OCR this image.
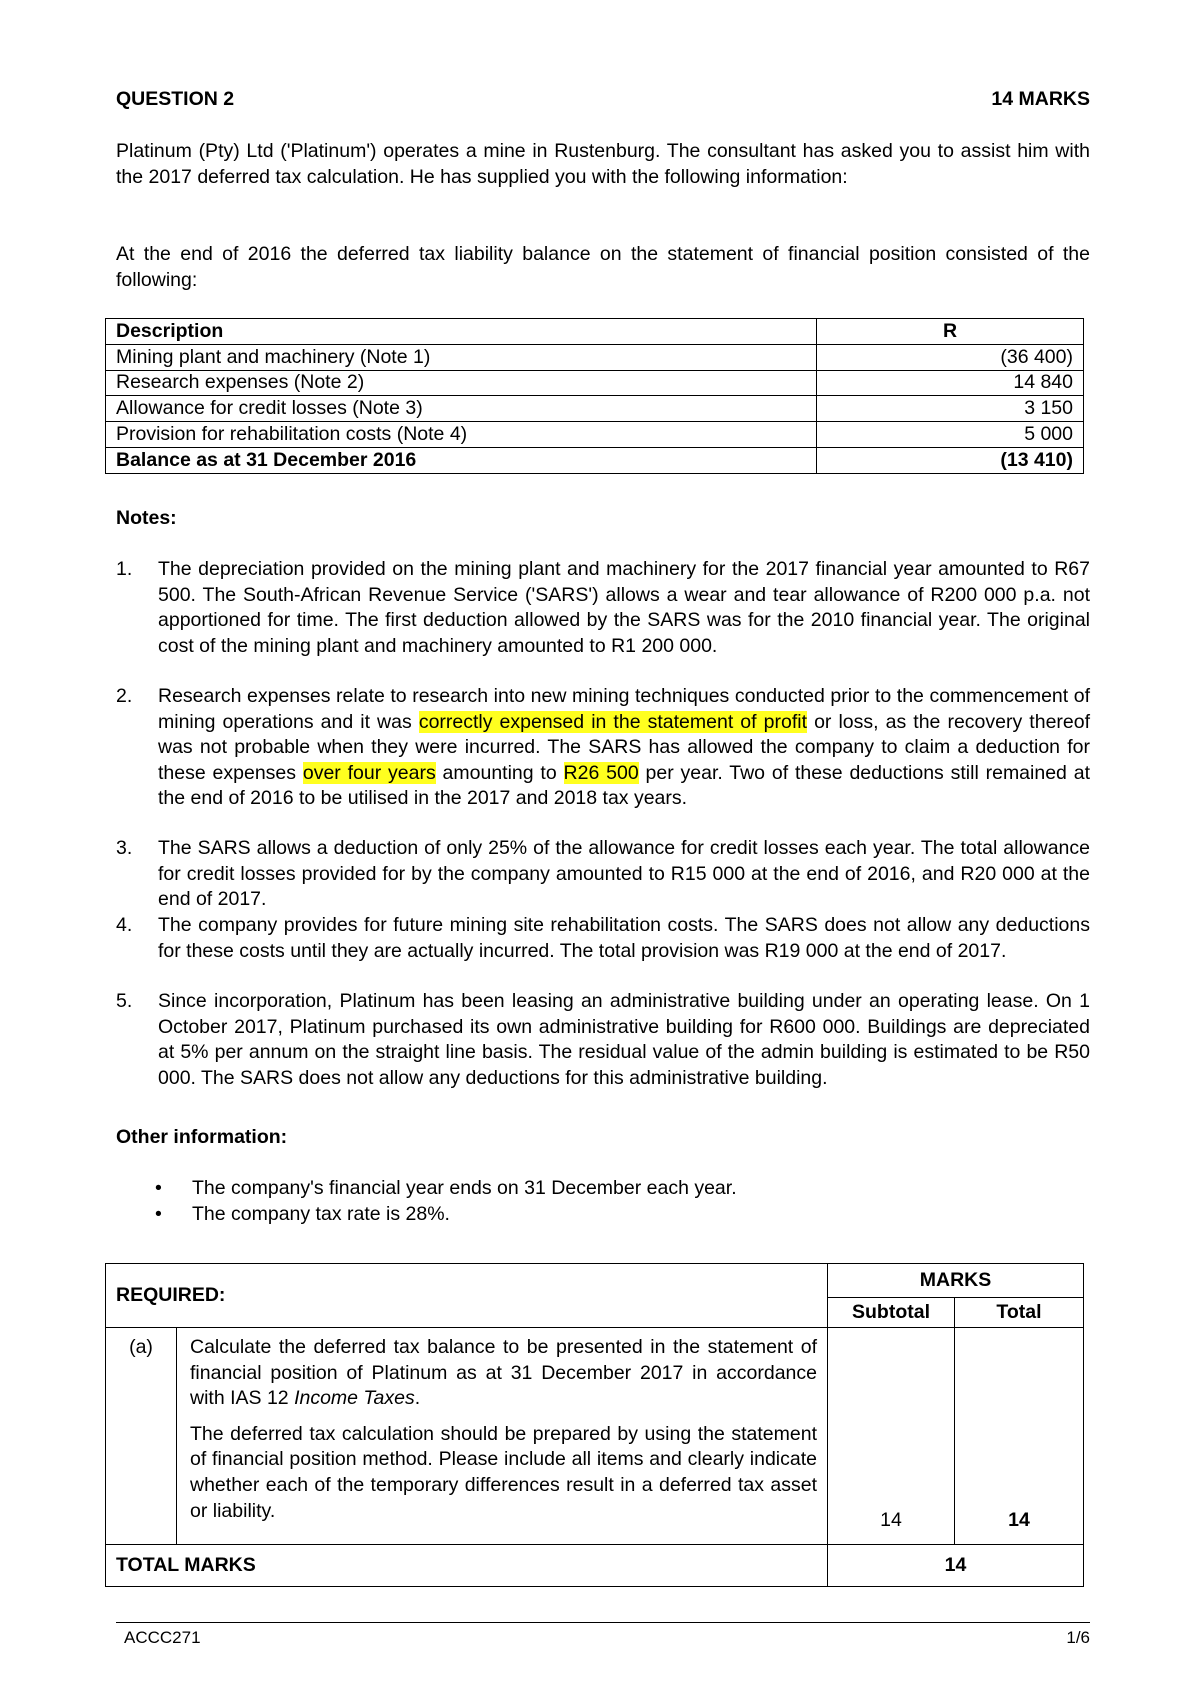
QUESTION 2	14 MARKS
Platinum (Pty) Ltd ('Platinum') operates a mine in Rustenburg. The consultant has asked you to assist him with the 2017 deferred tax calculation. He has supplied you with the following information:
At the end of 2016 the deferred tax liability balance on the statement of financial position consisted of the following:
Description	R
Mining plant and machinery (Note 1)	(36 400)
Research expenses (Note 2)	14 840
Allowance for credit losses (Note 3)	3 150
Provision for rehabilitation costs (Note 4)	5 000
Balance as at 31 December 2016	(13 410)
Notes:
1. The depreciation provided on the mining plant and machinery for the 2017 financial year amounted to R67 500. The South-African Revenue Service ('SARS') allows a wear and tear allowance of R200 000 p.a. not apportioned for time. The first deduction allowed by the SARS was for the 2010 financial year. The original cost of the mining plant and machinery amounted to R1 200 000.
2. Research expenses relate to research into new mining techniques conducted prior to the commencement of mining operations and it was correctly expensed in the statement of profit or loss, as the recovery thereof was not probable when they were incurred. The SARS has allowed the company to claim a deduction for these expenses over four years amounting to R26 500 per year. Two of these deductions still remained at the end of 2016 to be utilised in the 2017 and 2018 tax years.
3. The SARS allows a deduction of only 25% of the allowance for credit losses each year. The total allowance for credit losses provided for by the company amounted to R15 000 at the end of 2016, and R20 000 at the end of 2017.
4. The company provides for future mining site rehabilitation costs. The SARS does not allow any deductions for these costs until they are actually incurred. The total provision was R19 000 at the end of 2017.
5. Since incorporation, Platinum has been leasing an administrative building under an operating lease. On 1 October 2017, Platinum purchased its own administrative building for R600 000. Buildings are depreciated at 5% per annum on the straight line basis. The residual value of the admin building is estimated to be R50 000. The SARS does not allow any deductions for this administrative building.
Other information:
• The company's financial year ends on 31 December each year.
• The company tax rate is 28%.
REQUIRED:		MARKS	
		Subtotal	Total
(a)	Calculate the deferred tax balance to be presented in the statement of financial position of Platinum as at 31 December 2017 in accordance with IAS 12 Income Taxes.
The deferred tax calculation should be prepared by using the statement of financial position method. Please include all items and clearly indicate whether each of the temporary differences result in a deferred tax asset or liability.	14	14
TOTAL MARKS		14	
ACCC271	1/6
